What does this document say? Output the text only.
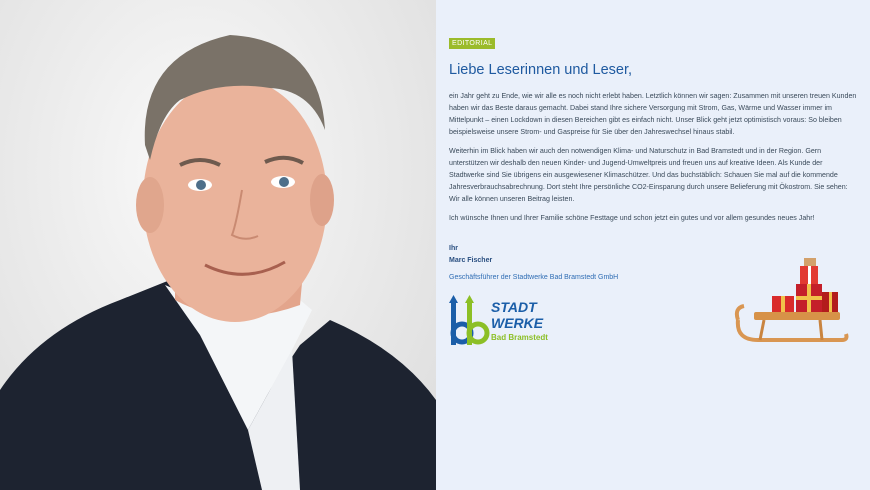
EDITORIAL
Liebe Leserinnen und Leser,

ein Jahr geht zu Ende, wie wir alle es noch nicht erlebt haben. Letztlich können wir sagen: Zusammen mit unseren treuen Kunden haben wir das Beste daraus gemacht. Dabei stand Ihre sichere Versorgung mit Strom, Gas, Wärme und Wasser immer im Mittelpunkt – einen Lockdown in diesen Bereichen gibt es einfach nicht. Unser Blick geht jetzt optimistisch voraus: So bleiben beispielsweise unsere Strom- und Gaspreise für Sie über den Jahreswechsel hinaus stabil.

Weiterhin im Blick haben wir auch den notwendigen Klima- und Naturschutz in Bad Bramstedt und in der Region. Gern unterstützen wir deshalb den neuen Kinder- und Jugend-Umweltpreis und freuen uns auf kreative Ideen. Als Kunde der Stadtwerke sind Sie übrigens ein ausgewiesener Klimaschützer. Und das buchstäblich: Schauen Sie mal auf die kommende Jahresverbrauchsabrechnung. Dort steht Ihre persönliche CO2-Einsparung durch unsere Belieferung mit Ökostrom. Sie sehen: Wir alle können unseren Beitrag leisten.

Ich wünsche Ihnen und Ihrer Familie schöne Festtage und schon jetzt ein gutes und vor allem gesundes neues Jahr!

Ihr
Marc Fischer
Geschäftsführer der Stadtwerke Bad Bramstedt GmbH
STADT
WERKE
Bad Bramstedt
